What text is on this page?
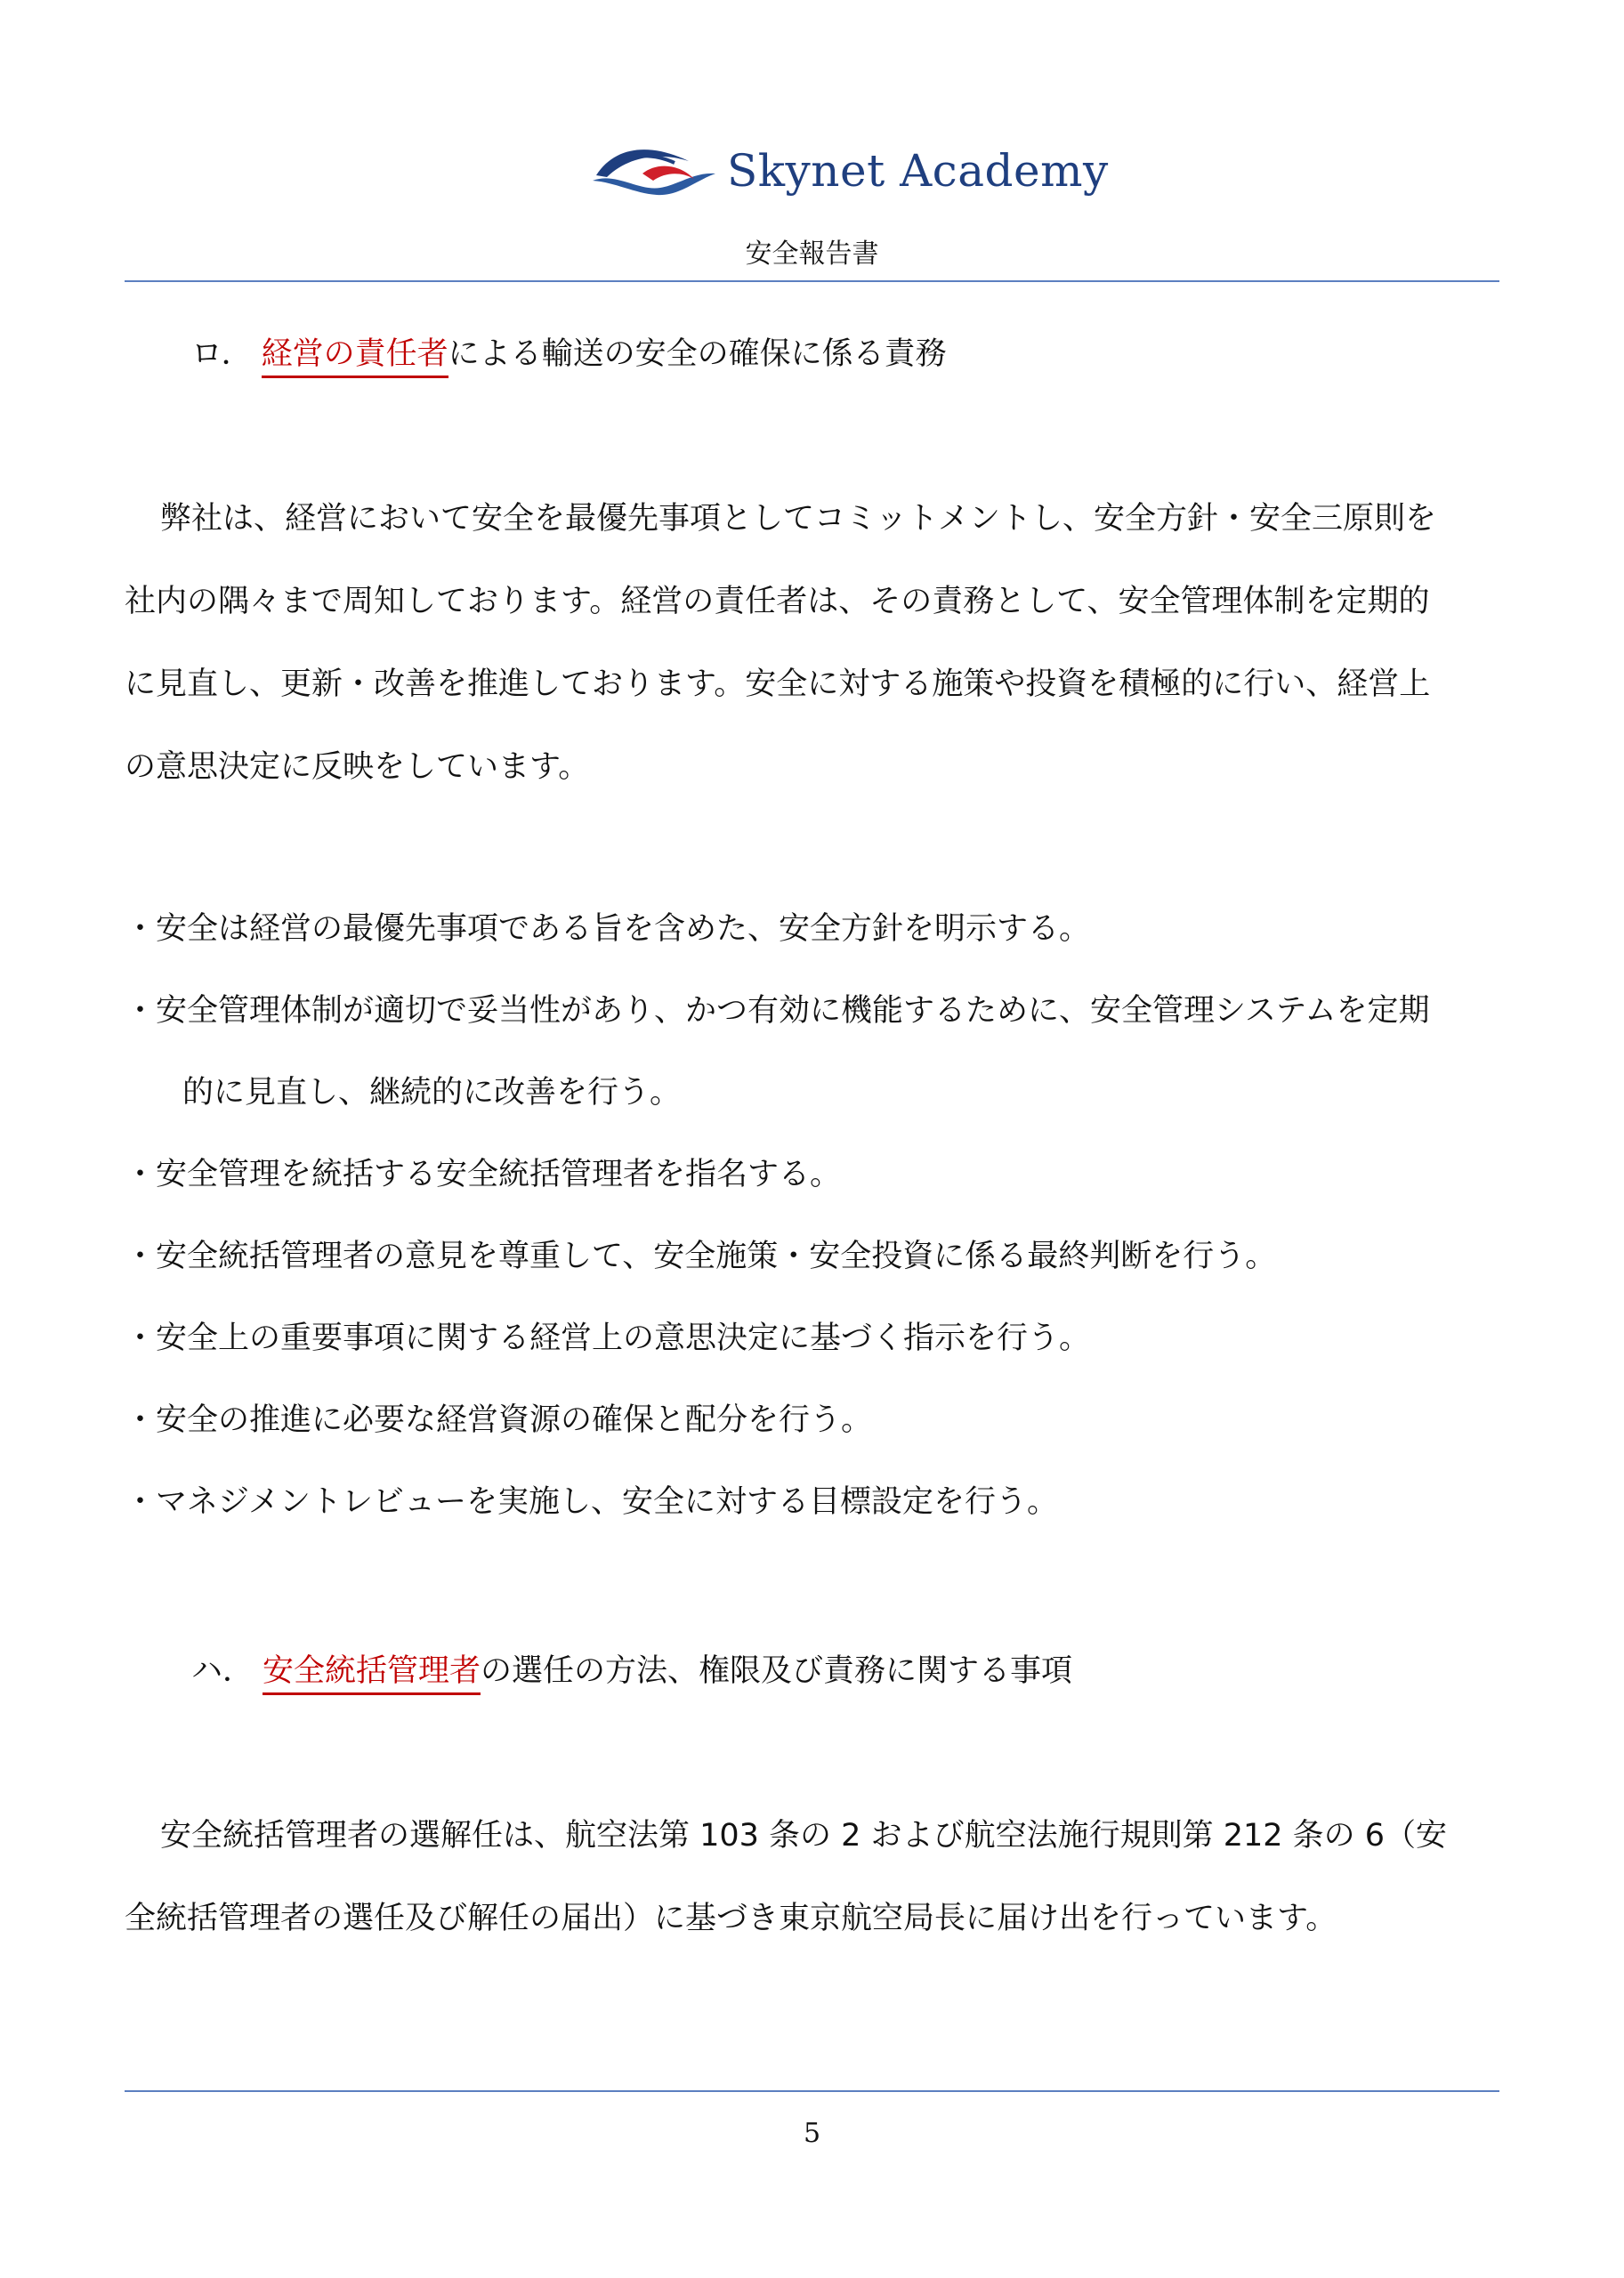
Skynet Academy
安全報告書
ロ． 経営の責任者による輸送の安全の確保に係る責務
弊社は、経営において安全を最優先事項としてコミットメントし、安全方針・安全三原則を
社内の隅々まで周知しております。経営の責任者は、その責務として、安全管理体制を定期的
に見直し、更新・改善を推進しております。安全に対する施策や投資を積極的に行い、経営上
の意思決定に反映をしています。
・安全は経営の最優先事項である旨を含めた、安全方針を明示する。
・安全管理体制が適切で妥当性があり、かつ有効に機能するために、安全管理システムを定期
的に見直し、継続的に改善を行う。
・安全管理を統括する安全統括管理者を指名する。
・安全統括管理者の意見を尊重して、安全施策・安全投資に係る最終判断を行う。
・安全上の重要事項に関する経営上の意思決定に基づく指示を行う。
・安全の推進に必要な経営資源の確保と配分を行う。
・マネジメントレビューを実施し、安全に対する目標設定を行う。
ハ． 安全統括管理者の選任の方法、権限及び責務に関する事項
安全統括管理者の選解任は、航空法第 103 条の 2 および航空法施行規則第 212 条の 6（安
全統括管理者の選任及び解任の届出）に基づき東京航空局長に届け出を行っています。
5
